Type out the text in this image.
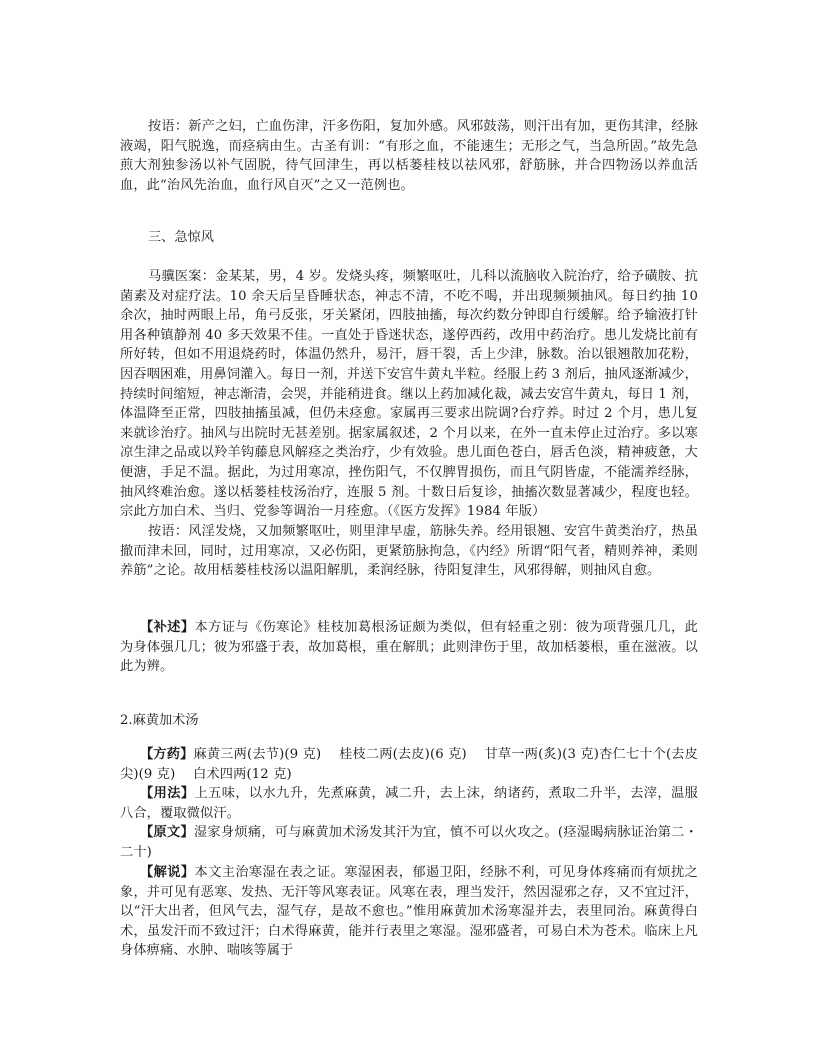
按语：新产之妇，亡血伤津，汗多伤阳，复加外感。风邪鼓荡，则汗出有加，更伤其津，经脉液竭，阳气脱逸，而痉病由生。古圣有训：“有形之血，不能速生；无形之气，当急所固。”故先急煎大剂独参汤以补气固脱，待气回津生，再以栝蒌桂枝以祛风邪，舒筋脉，并合四物汤以养血活血，此“治风先治血，血行风自灭”之又一范例也。

三、急惊风

马骥医案：金某某，男，4 岁。发烧头疼，频繁呕吐，儿科以流脑收入院治疗，给予磺胺、抗菌素及对症疗法。10 余天后呈昏睡状态，神志不清，不吃不喝，并出现频频抽风。每日约抽 10 余次，抽时两眼上吊，角弓反张，牙关紧闭，四肢抽搐，每次约数分钟即自行缓解。给予输液打针用各种镇静剂 40 多天效果不佳。一直处于昏迷状态，遂停西药，改用中药治疗。患儿发烧比前有所好转，但如不用退烧药时，体温仍然升，易汗，唇干裂，舌上少津，脉数。治以银翘散加花粉，因吞咽困难，用鼻饲灌入。每日一剂，并送下安宫牛黄丸半粒。经服上药 3 剂后，抽风逐渐减少，持续时间缩短，神志渐清，会哭，并能稍进食。继以上药加减化裁，减去安宫牛黄丸，每日 1 剂，体温降至正常，四肢抽搐虽减，但仍未痉愈。家属再三要求出院调?台疗养。时过 2 个月，患儿复来就诊治疗。抽风与出院时无甚差别。据家属叙述，2 个月以来，在外一直未停止过治疗。多以寒凉生津之品或以羚羊钩藤息风解痉之类治疗，少有效验。患儿面色苍白，唇舌色淡，精神疲惫，大便溏，手足不温。据此，为过用寒凉，挫伤阳气，不仅脾胃损伤，而且气阴皆虚，不能濡养经脉，抽风终难治愈。遂以栝蒌桂枝汤治疗，连服 5 剂。十数日后复诊，抽搐次数显著减少，程度也轻。宗此方加白术、当归、党参等调治一月痊愈。（《医方发挥》1984 年版）

按语：风淫发烧，又加频繁呕吐，则里津早虚，筋脉失养。经用银翘、安宫牛黄类治疗，热虽撤而津未回，同时，过用寒凉，又必伤阳，更紧筋脉拘急，《内经》所谓“阳气者，精则养神，柔则养筋”之论。故用栝蒌桂枝汤以温阳解肌，柔润经脉，待阳复津生，风邪得解，则抽风自愈。

【补述】本方证与《伤寒论》桂枝加葛根汤证颇为类似，但有轻重之别：彼为项背强几几，此为身体强几几；彼为邪盛于表，故加葛根，重在解肌；此则津伤于里，故加栝蒌根，重在滋液。以此为辨。

2.麻黄加术汤

【方药】麻黄三两(去节)(9 克)　 桂枝二两(去皮)(6 克)　 甘草一两(炙)(3 克)杏仁七十个(去皮尖)(9 克)　 白术四两(12 克)

【用法】上五味，以水九升，先煮麻黄，减二升，去上沫，纳诸药，煮取二升半，去滓，温服八合，覆取微似汗。

【原文】湿家身烦痛，可与麻黄加术汤发其汗为宜，慎不可以火攻之。(痉湿暍病脉证治第二・二十)

【解说】本文主治寒湿在表之证。寒湿困表，郁遏卫阳，经脉不利，可见身体疼痛而有烦扰之象，并可见有恶寒、发热、无汗等风寒表证。风寒在表，理当发汗，然因湿邪之存，又不宜过汗，以“汗大出者，但风气去，湿气存，是故不愈也。”惟用麻黄加术汤寒湿并去，表里同治。麻黄得白术，虽发汗而不致过汗；白术得麻黄，能并行表里之寒湿。湿邪盛者，可易白术为苍术。临床上凡身体痹痛、水肿、喘咳等属于
